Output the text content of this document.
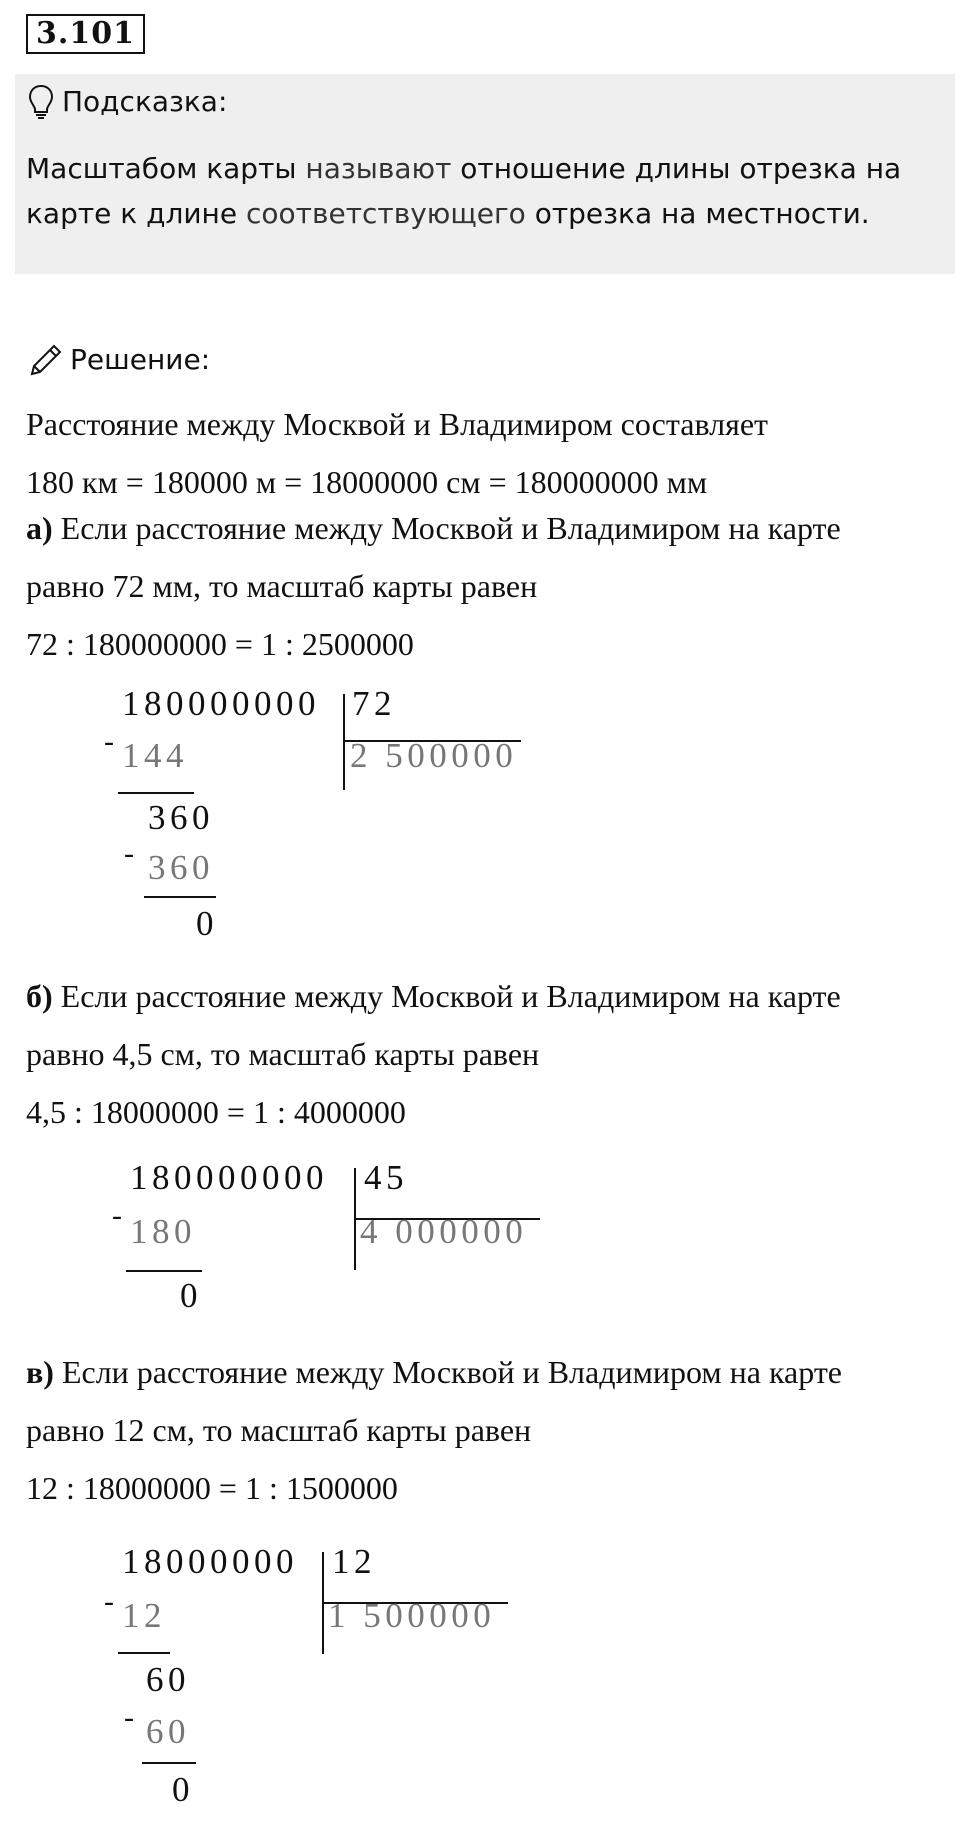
3.101
Подсказка:
Масштабом карты называют отношение длины отрезка на карте к длине соответствующего отрезка на местности.
Решение:
Расстояние между Москвой и Владимиром составляет
180 км = 180000 м = 18000000 см = 180000000 мм
а) Если расстояние между Москвой и Владимиром на карте
равно 72 мм, то масштаб карты равен
72 : 180000000 = 1 : 2500000
180000000 72
2 500000
- 144
360
- 360
0
б) Если расстояние между Москвой и Владимиром на карте
равно 4,5 см, то масштаб карты равен
4,5 : 18000000 = 1 : 4000000
180000000 45
4 000000
- 180
0
в) Если расстояние между Москвой и Владимиром на карте
равно 12 см, то масштаб карты равен
12 : 18000000 = 1 : 1500000
18000000 12
1 500000
- 12
60
- 60
0
